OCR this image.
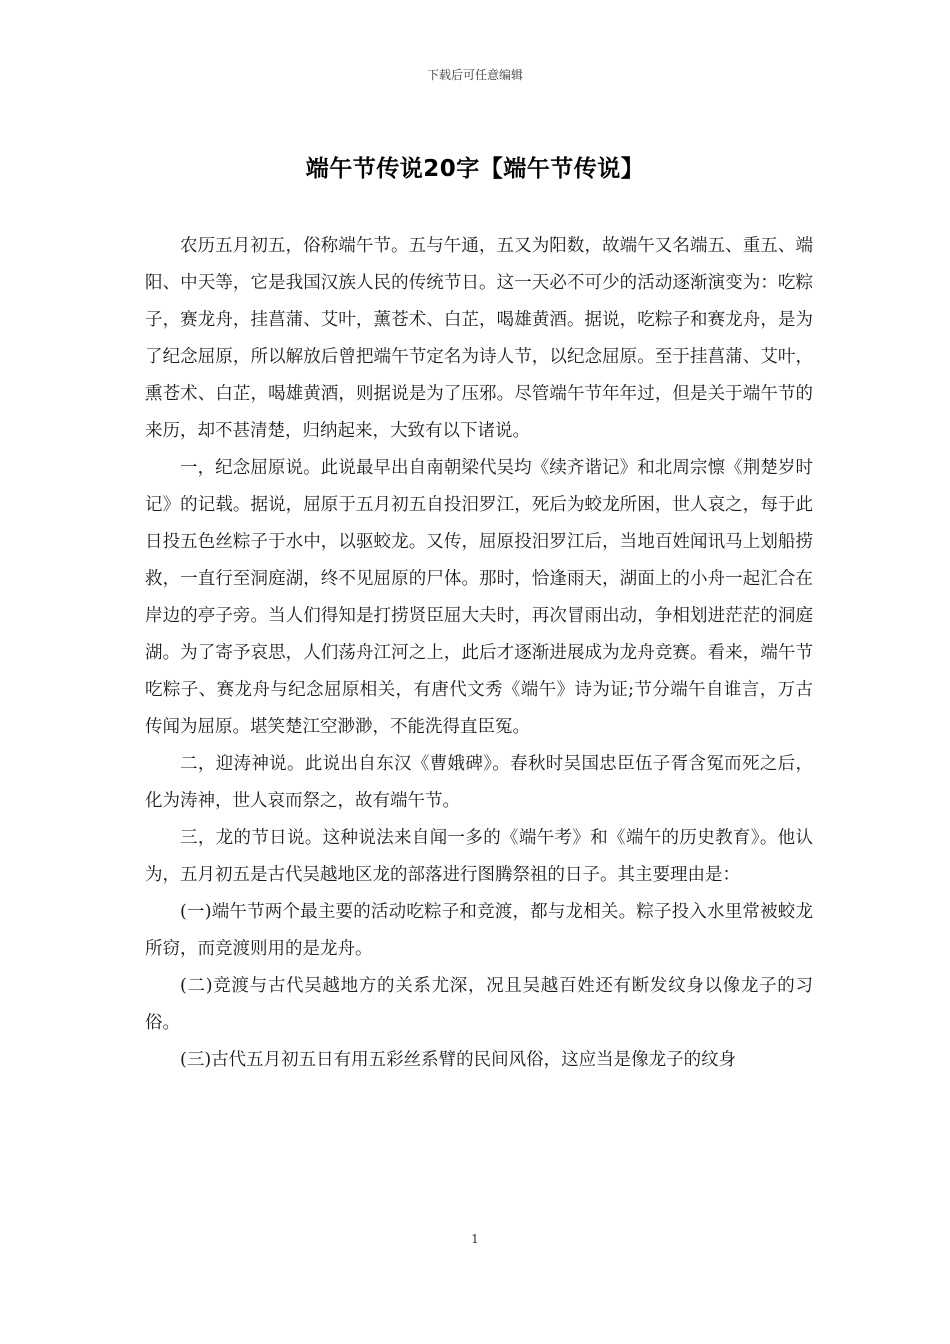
下载后可任意编辑
端午节传说20字【端午节传说】

农历五月初五，俗称端午节。五与午通，五又为阳数，故端午又名端五、重五、端阳、中天等，它是我国汉族人民的传统节日。这一天必不可少的活动逐渐演变为：吃粽子，赛龙舟，挂菖蒲、艾叶，薰苍术、白芷，喝雄黄酒。据说，吃粽子和赛龙舟，是为了纪念屈原，所以解放后曾把端午节定名为诗人节，以纪念屈原。至于挂菖蒲、艾叶，熏苍术、白芷，喝雄黄酒，则据说是为了压邪。尽管端午节年年过，但是关于端午节的来历，却不甚清楚，归纳起来，大致有以下诸说。

一，纪念屈原说。此说最早出自南朝梁代吴均《续齐谐记》和北周宗懔《荆楚岁时记》的记载。据说，屈原于五月初五自投汨罗江，死后为蛟龙所困，世人哀之，每于此日投五色丝粽子于水中，以驱蛟龙。又传，屈原投汨罗江后，当地百姓闻讯马上划船捞救，一直行至洞庭湖，终不见屈原的尸体。那时，恰逢雨天，湖面上的小舟一起汇合在岸边的亭子旁。当人们得知是打捞贤臣屈大夫时，再次冒雨出动，争相划进茫茫的洞庭湖。为了寄予哀思，人们荡舟江河之上，此后才逐渐进展成为龙舟竞赛。看来，端午节吃粽子、赛龙舟与纪念屈原相关，有唐代文秀《端午》诗为证;节分端午自谁言，万古传闻为屈原。堪笑楚江空渺渺，不能洗得直臣冤。

二，迎涛神说。此说出自东汉《曹娥碑》。春秋时吴国忠臣伍子胥含冤而死之后，化为涛神，世人哀而祭之，故有端午节。

三，龙的节日说。这种说法来自闻一多的《端午考》和《端午的历史教育》。他认为，五月初五是古代吴越地区龙的部落进行图腾祭祖的日子。其主要理由是：

(一)端午节两个最主要的活动吃粽子和竞渡，都与龙相关。粽子投入水里常被蛟龙所窃，而竞渡则用的是龙舟。

(二)竞渡与古代吴越地方的关系尤深，况且吴越百姓还有断发纹身以像龙子的习俗。

(三)古代五月初五日有用五彩丝系臂的民间风俗，这应当是像龙子的纹身

1
